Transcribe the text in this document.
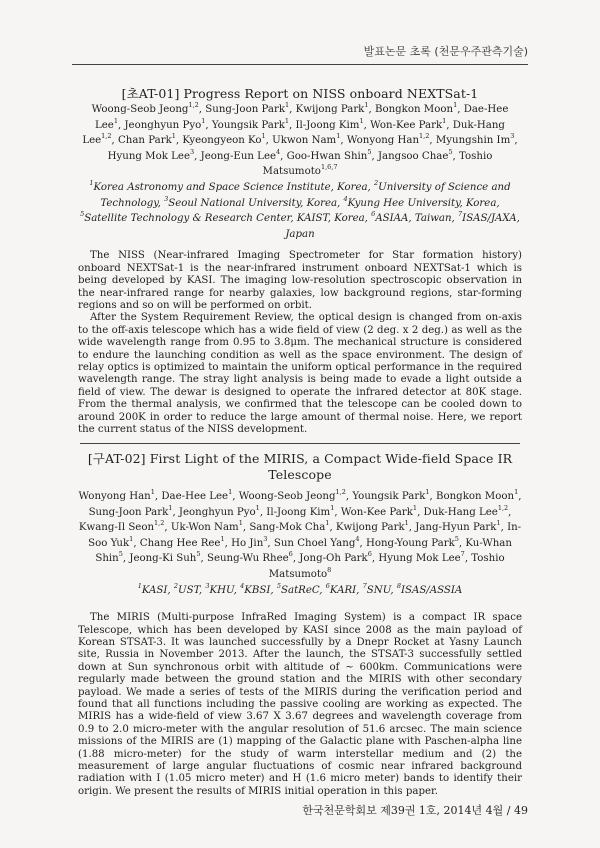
발표논문 초록 (천문우주관측기술)
[초AT-01] Progress Report on NISS onboard NEXTSat-1
Woong-Seob Jeong$^{1,2}$, Sung-Joon Park$^1$, Kwijong Park$^1$, Bongkon Moon$^1$, Dae-Hee Lee$^1$, Jeonghyun Pyo$^1$, Youngsik Park$^1$, Il-Joong Kim$^1$, Won-Kee Park$^1$, Duk-Hang Lee$^{1,2}$, Chan Park$^1$, Kyeongyeon Ko$^1$, Ukwon Nam$^1$, Wonyong Han$^{1,2}$, Myungshin Im$^3$, Hyung Mok Lee$^3$, Jeong-Eun Lee$^4$, Goo-Hwan Shin$^5$, Jangsoo Chae$^5$, Toshio Matsumoto$^{1,6,7}$
$^1$Korea Astronomy and Space Science Institute, Korea, $^2$University of Science and Technology, $^3$Seoul National University, Korea, $^4$Kyung Hee University, Korea, $^5$Satellite Technology & Research Center, KAIST, Korea, $^6$ASIAA, Taiwan, $^7$ISAS/JAXA, Japan

The NISS (Near-infrared Imaging Spectrometer for Star formation history) onboard NEXTSat-1 is the near-infrared instrument onboard NEXTSat-1 which is being developed by KASI. The imaging low-resolution spectroscopic observation in the near-infrared range for nearby galaxies, low background regions, star-forming regions and so on will be performed on orbit.

After the System Requirement Review, the optical design is changed from on-axis to the off-axis telescope which has a wide field of view (2 deg. x 2 deg.) as well as the wide wavelength range from 0.95 to 3.8μm. The mechanical structure is considered to endure the launching condition as well as the space environment. The design of relay optics is optimized to maintain the uniform optical performance in the required wavelength range. The stray light analysis is being made to evade a light outside a field of view. The dewar is designed to operate the infrared detector at 80K stage. From the thermal analysis, we confirmed that the telescope can be cooled down to around 200K in order to reduce the large amount of thermal noise. Here, we report the current status of the NISS development.

[구AT-02] First Light of the MIRIS, a Compact Wide-field Space IR Telescope
Wonyong Han$^1$, Dae-Hee Lee$^1$, Woong-Seob Jeong$^{1,2}$, Youngsik Park$^1$, Bongkon Moon$^1$, Sung-Joon Park$^1$, Jeonghyun Pyo$^1$, Il-Joong Kim$^1$, Won-Kee Park$^1$, Duk-Hang Lee$^{1,2}$, Kwang-Il Seon$^{1,2}$, Uk-Won Nam$^1$, Sang-Mok Cha$^1$, Kwijong Park$^1$, Jang-Hyun Park$^1$, In-Soo Yuk$^1$, Chang Hee Ree$^1$, Ho Jin$^3$, Sun Choel Yang$^4$, Hong-Young Park$^5$, Ku-Whan Shin$^5$, Jeong-Ki Suh$^5$, Seung-Wu Rhee$^6$, Jong-Oh Park$^6$, Hyung Mok Lee$^7$, Toshio Matsumoto$^8$
$^1$KASI, $^2$UST, $^3$KHU, $^4$KBSI, $^5$SatReC, $^6$KARI, $^7$SNU, $^8$ISAS/ASSIA

The MIRIS (Multi-purpose InfraRed Imaging System) is a compact IR space Telescope, which has been developed by KASI since 2008 as the main payload of Korean STSAT-3. It was launched successfully by a Dnepr Rocket at Yasny Launch site, Russia in November 2013. After the launch, the STSAT-3 successfully settled down at Sun synchronous orbit with altitude of ~ 600km. Communications were regularly made between the ground station and the MIRIS with other secondary payload. We made a series of tests of the MIRIS during the verification period and found that all functions including the passive cooling are working as expected. The MIRIS has a wide-field of view 3.67 X 3.67 degrees and wavelength coverage from 0.9 to 2.0 micro-meter with the angular resolution of 51.6 arcsec. The main science missions of the MIRIS are (1) mapping of the Galactic plane with Paschen-alpha line (1.88 micro-meter) for the study of warm interstellar medium and (2) the measurement of large angular fluctuations of cosmic near infrared background radiation with I (1.05 micro meter) and H (1.6 micro meter) bands to identify their origin. We present the results of MIRIS initial operation in this paper.

한국천문학회보 제39권 1호, 2014년 4월 / 49
